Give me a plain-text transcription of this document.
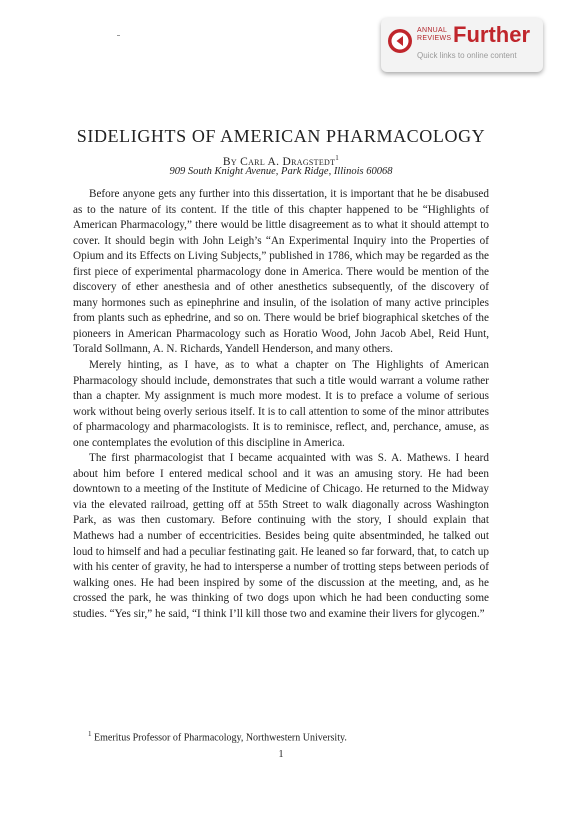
ANNUAL
REVIEWS Further
Quick links to online content
SIDELIGHTS OF AMERICAN PHARMACOLOGY
By Carl A. Dragstedt$^1$
909 South Knight Avenue, Park Ridge, Illinois 60068

Before anyone gets any further into this dissertation, it is important that he be disabused as to the nature of its content. If the title of this chapter happened to be “Highlights of American Pharmacology,” there would be little disagreement as to what it should attempt to cover. It should begin with John Leigh’s “An Experimental Inquiry into the Properties of Opium and its Effects on Living Subjects,” published in 1786, which may be regarded as the first piece of experimental pharmacology done in America. There would be mention of the discovery of ether anesthesia and of other anesthetics subsequently, of the discovery of many hormones such as epinephrine and insulin, of the isolation of many active principles from plants such as ephedrine, and so on. There would be brief biographical sketches of the pioneers in American Pharmacology such as Horatio Wood, John Jacob Abel, Reid Hunt, Torald Sollmann, A. N. Richards, Yandell Henderson, and many others.

Merely hinting, as I have, as to what a chapter on The Highlights of American Pharmacology should include, demonstrates that such a title would warrant a volume rather than a chapter. My assignment is much more modest. It is to preface a volume of serious work without being overly serious itself. It is to call attention to some of the minor attributes of pharmacology and pharmacologists. It is to reminisce, reflect, and, perchance, amuse, as one contemplates the evolution of this discipline in America.

The first pharmacologist that I became acquainted with was S. A. Mathews. I heard about him before I entered medical school and it was an amusing story. He had been downtown to a meeting of the Institute of Medicine of Chicago. He returned to the Midway via the elevated railroad, getting off at 55th Street to walk diagonally across Washington Park, as was then customary. Before continuing with the story, I should explain that Mathews had a number of eccentricities. Besides being quite absentminded, he talked out loud to himself and had a peculiar festinating gait. He leaned so far forward, that, to catch up with his center of gravity, he had to intersperse a number of trotting steps between periods of walking ones. He had been inspired by some of the discussion at the meeting, and, as he crossed the park, he was thinking of two dogs upon which he had been conducting some studies. “Yes sir,” he said, “I think I’ll kill those two and examine their livers for glycogen.”

$^1$ Emeritus Professor of Pharmacology, Northwestern University.
1
